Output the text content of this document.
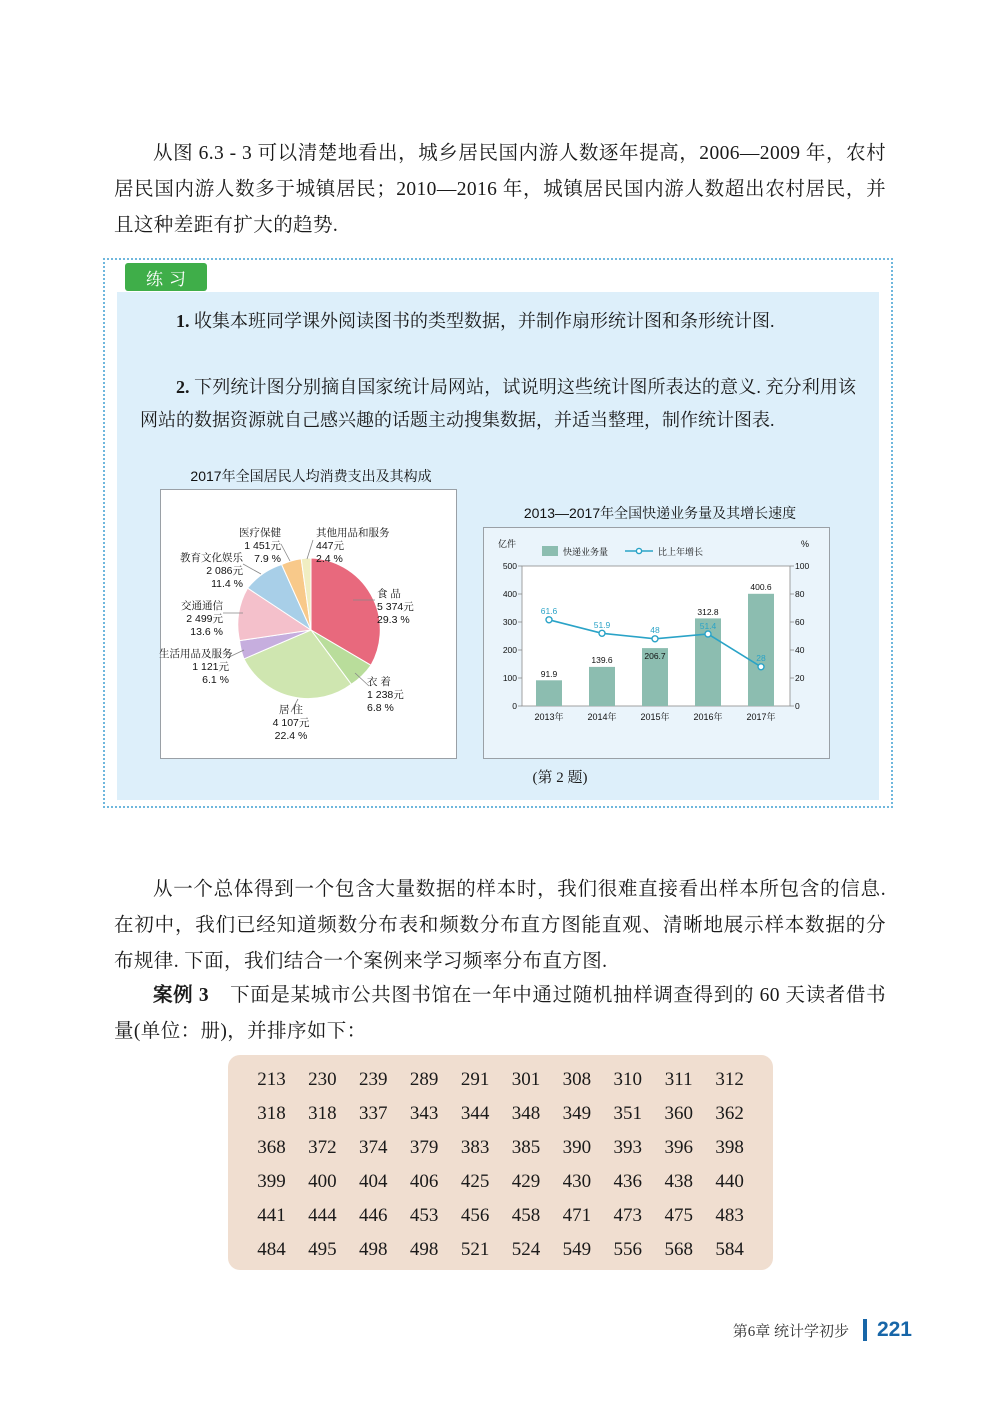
从图 6.3 - 3 可以清楚地看出，城乡居民国内游人数逐年提高，2006—2009 年，农村居民国内游人数多于城镇居民；2010—2016 年，城镇居民国内游人数超出农村居民，并且这种差距有扩大的趋势.
练习
1. 收集本班同学课外阅读图书的类型数据，并制作扇形统计图和条形统计图.
2. 下列统计图分别摘自国家统计局网站，试说明这些统计图所表达的意义. 充分利用该网站的数据资源就自己感兴趣的话题主动搜集数据，并适当整理，制作统计图表.
2017年全国居民人均消费支出及其构成
其他用品和服务
447元
2.4 %
医疗保健
1 451元
7.9 %
教育文化娱乐
2 086元
11.4 %
交通通信
2 499元
13.6 %
生活用品及服务
1 121元
6.1 %
居 住
4 107元
22.4 %
衣 着
1 238元
6.8 %
食 品
5 374元
29.3 %
2013—2017年全国快递业务量及其增长速度
快递业务量	比上年增长
亿件	%
0
100
200
300
400
500
0
20
40
60
80
100
91.9
139.6	206.7
312.8
400.6
61.6
51.9	48	51.4
28
2013年	2014年	2015年	2016年	2017年
(第 2 题)
从一个总体得到一个包含大量数据的样本时，我们很难直接看出样本所包含的信息. 在初中，我们已经知道频数分布表和频数分布直方图能直观、清晰地展示样本数据的分布规律. 下面，我们结合一个案例来学习频率分布直方图.
案例 3 下面是某城市公共图书馆在一年中通过随机抽样调查得到的 60 天读者借书量(单位：册)，并排序如下：
213	230	239	289	291	301	308	310	311	312
318	318	337	343	344	348	349	351	360	362
368	372	374	379	383	385	390	393	396	398
399	400	404	406	425	429	430	436	438	440
441	444	446	453	456	458	471	473	475	483
484	495	498	498	521	524	549	556	568	584
第6章 统计学初步 221
